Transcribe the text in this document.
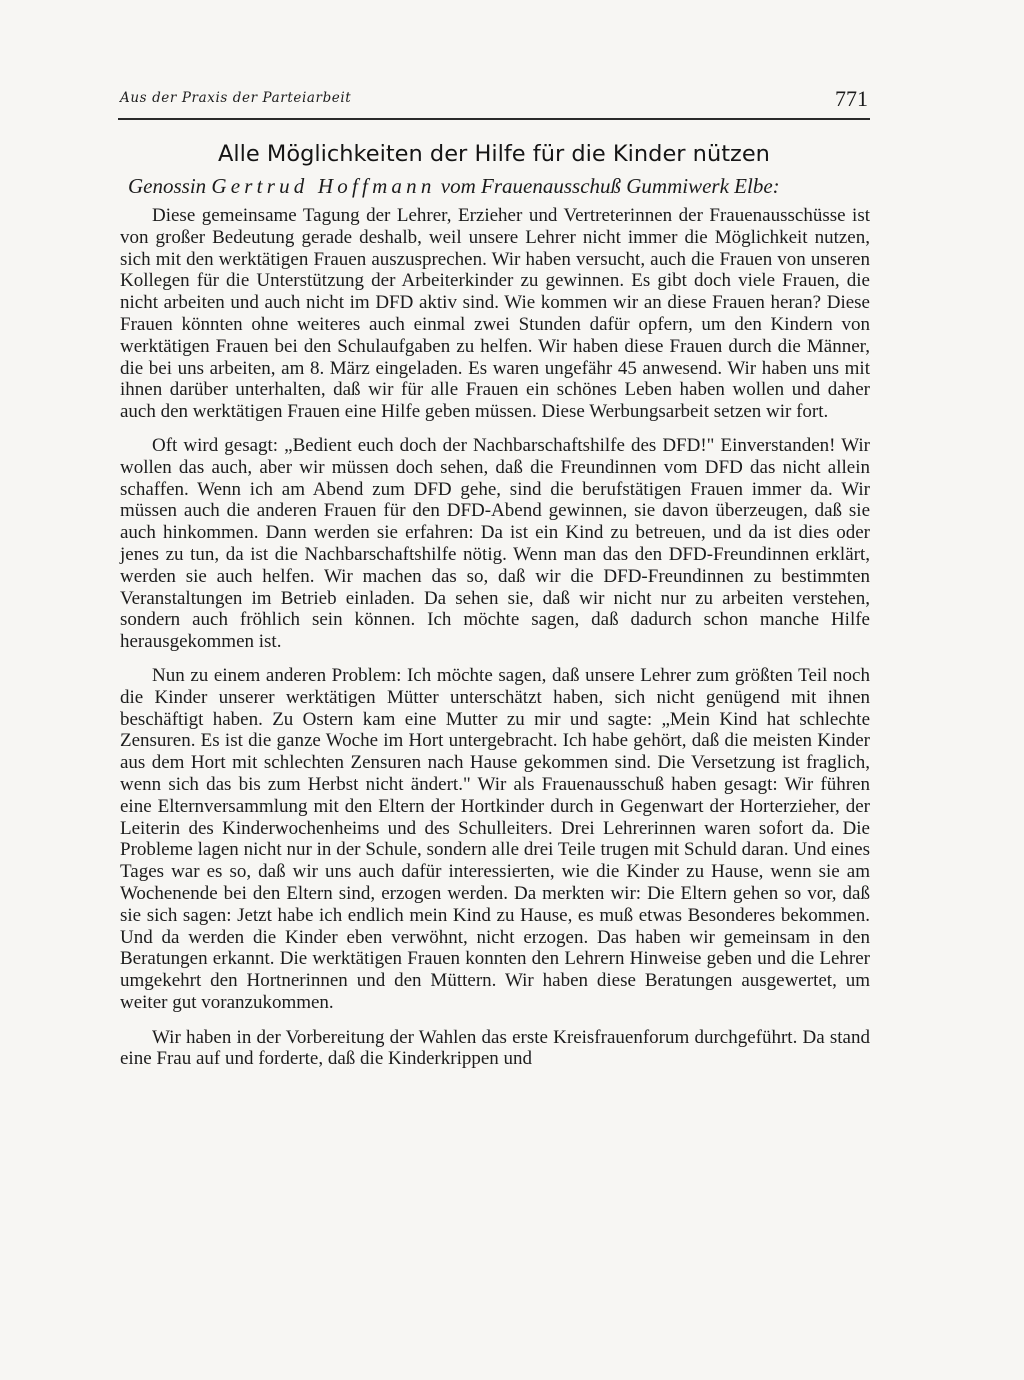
Aus der Praxis der Parteiarbeit	771
Alle Möglichkeiten der Hilfe für die Kinder nützen
Genossin Gertrud Hoffmann vom Frauenausschuß Gummiwerk Elbe:

Diese gemeinsame Tagung der Lehrer, Erzieher und Vertreterinnen der Frauenausschüsse ist von großer Bedeutung gerade deshalb, weil unsere Lehrer nicht immer die Möglichkeit nutzen, sich mit den werktätigen Frauen auszusprechen. Wir haben versucht, auch die Frauen von unseren Kollegen für die Unterstützung der Arbeiterkinder zu gewinnen. Es gibt doch viele Frauen, die nicht arbeiten und auch nicht im DFD aktiv sind. Wie kommen wir an diese Frauen heran? Diese Frauen könnten ohne weiteres auch einmal zwei Stunden dafür opfern, um den Kindern von werktätigen Frauen bei den Schulaufgaben zu helfen. Wir haben diese Frauen durch die Männer, die bei uns arbeiten, am 8. März eingeladen. Es waren ungefähr 45 anwesend. Wir haben uns mit ihnen darüber unterhalten, daß wir für alle Frauen ein schönes Leben haben wollen und daher auch den werktätigen Frauen eine Hilfe geben müssen. Diese Werbungsarbeit setzen wir fort.

Oft wird gesagt: „Bedient euch doch der Nachbarschaftshilfe des DFD!" Einverstanden! Wir wollen das auch, aber wir müssen doch sehen, daß die Freundinnen vom DFD das nicht allein schaffen. Wenn ich am Abend zum DFD gehe, sind die berufstätigen Frauen immer da. Wir müssen auch die anderen Frauen für den DFD-Abend gewinnen, sie davon überzeugen, daß sie auch hinkommen. Dann werden sie erfahren: Da ist ein Kind zu betreuen, und da ist dies oder jenes zu tun, da ist die Nachbarschaftshilfe nötig. Wenn man das den DFD-Freundinnen erklärt, werden sie auch helfen. Wir machen das so, daß wir die DFD-Freundinnen zu bestimmten Veranstaltungen im Betrieb einladen. Da sehen sie, daß wir nicht nur zu arbeiten verstehen, sondern auch fröhlich sein können. Ich möchte sagen, daß dadurch schon manche Hilfe herausgekommen ist.

Nun zu einem anderen Problem: Ich möchte sagen, daß unsere Lehrer zum größten Teil noch die Kinder unserer werktätigen Mütter unterschätzt haben, sich nicht genügend mit ihnen beschäftigt haben. Zu Ostern kam eine Mutter zu mir und sagte: „Mein Kind hat schlechte Zensuren. Es ist die ganze Woche im Hort untergebracht. Ich habe gehört, daß die meisten Kinder aus dem Hort mit schlechten Zensuren nach Hause gekommen sind. Die Versetzung ist fraglich, wenn sich das bis zum Herbst nicht ändert." Wir als Frauenausschuß haben gesagt: Wir führen eine Elternversammlung mit den Eltern der Hortkinder durch in Gegenwart der Horterzieher, der Leiterin des Kinderwochenheims und des Schulleiters. Drei Lehrerinnen waren sofort da. Die Probleme lagen nicht nur in der Schule, sondern alle drei Teile trugen mit Schuld daran. Und eines Tages war es so, daß wir uns auch dafür interessierten, wie die Kinder zu Hause, wenn sie am Wochenende bei den Eltern sind, erzogen werden. Da merkten wir: Die Eltern gehen so vor, daß sie sich sagen: Jetzt habe ich endlich mein Kind zu Hause, es muß etwas Besonderes bekommen. Und da werden die Kinder eben verwöhnt, nicht erzogen. Das haben wir gemeinsam in den Beratungen erkannt. Die werktätigen Frauen konnten den Lehrern Hinweise geben und die Lehrer umgekehrt den Hortnerinnen und den Müttern. Wir haben diese Beratungen ausgewertet, um weiter gut voranzukommen.

Wir haben in der Vorbereitung der Wahlen das erste Kreisfrauenforum durchgeführt. Da stand eine Frau auf und forderte, daß die Kinderkrippen und
